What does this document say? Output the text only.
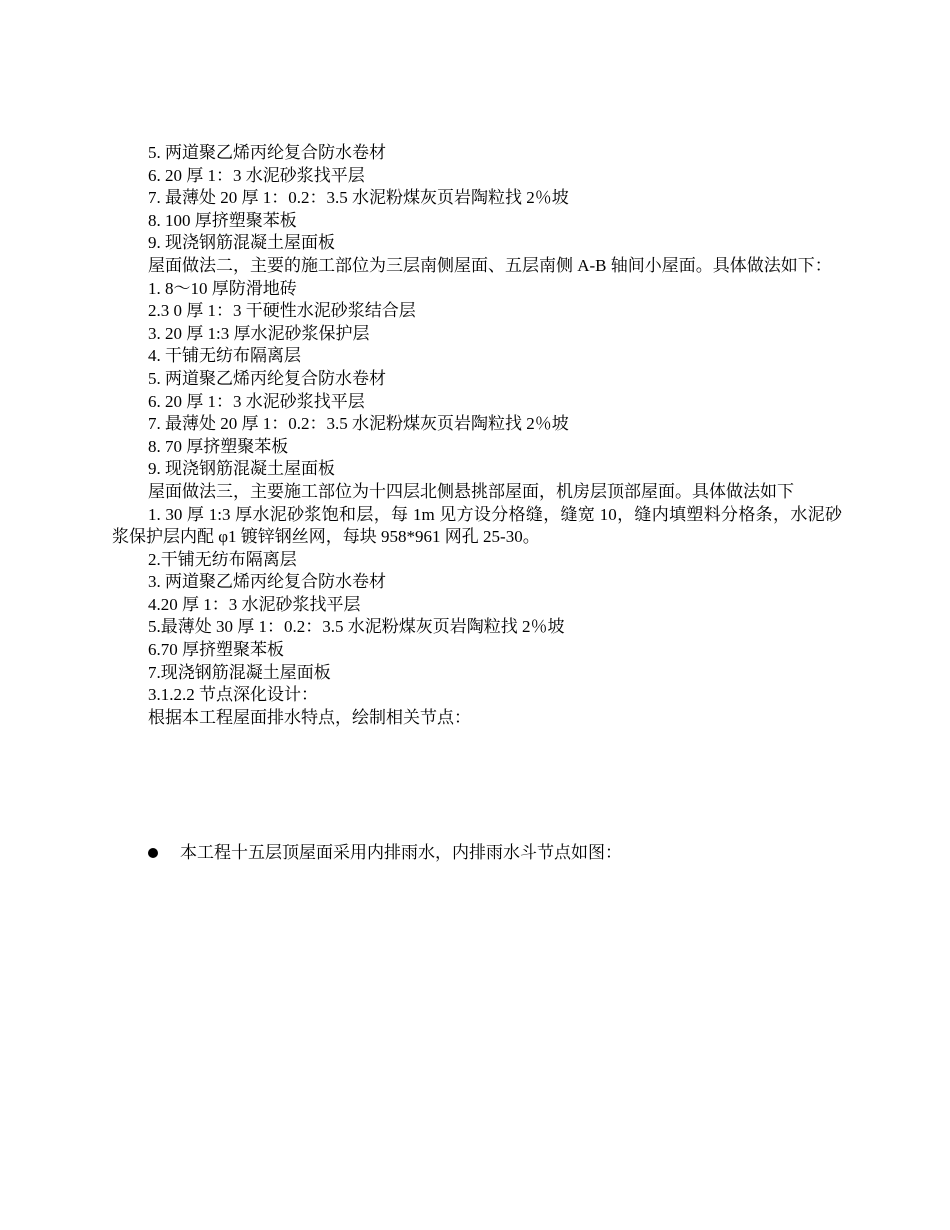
5. 两道聚乙烯丙纶复合防水卷材

6. 20 厚 1：3 水泥砂浆找平层

7. 最薄处 20 厚 1：0.2：3.5 水泥粉煤灰页岩陶粒找 2％坡

8. 100 厚挤塑聚苯板

9. 现浇钢筋混凝土屋面板

屋面做法二，主要的施工部位为三层南侧屋面、五层南侧 A-B 轴间小屋面。具体做法如下：

1. 8～10 厚防滑地砖

2.3 0 厚 1：3 干硬性水泥砂浆结合层

3. 20 厚 1:3 厚水泥砂浆保护层

4. 干铺无纺布隔离层

5. 两道聚乙烯丙纶复合防水卷材

6. 20 厚 1：3 水泥砂浆找平层

7. 最薄处 20 厚 1：0.2：3.5 水泥粉煤灰页岩陶粒找 2％坡

8. 70 厚挤塑聚苯板

9. 现浇钢筋混凝土屋面板

屋面做法三，主要施工部位为十四层北侧悬挑部屋面，机房层顶部屋面。具体做法如下

1. 30 厚 1:3 厚水泥砂浆饱和层，每 1m 见方设分格缝，缝宽 10，缝内填塑料分格条，水泥砂浆保护层内配 φ1 镀锌钢丝网，每块 958*961 网孔 25-30。

2.干铺无纺布隔离层

3. 两道聚乙烯丙纶复合防水卷材

4.20 厚 1：3 水泥砂浆找平层

5.最薄处 30 厚 1：0.2：3.5 水泥粉煤灰页岩陶粒找 2％坡

6.70 厚挤塑聚苯板

7.现浇钢筋混凝土屋面板

3.1.2.2 节点深化设计：

根据本工程屋面排水特点，绘制相关节点：

本工程十五层顶屋面采用内排雨水，内排雨水斗节点如图：
